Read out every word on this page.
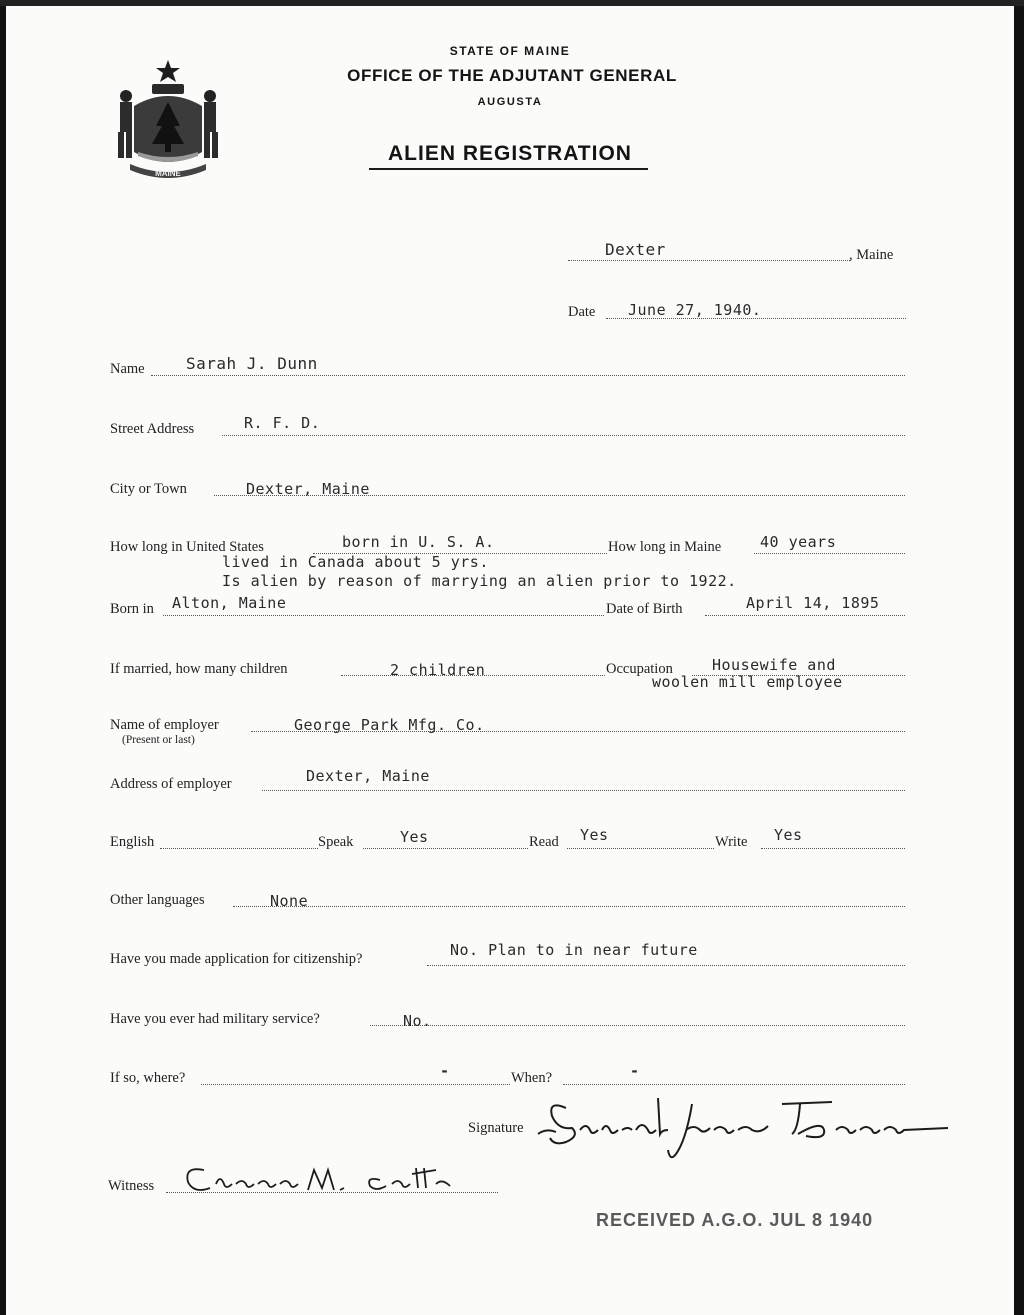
MAINE
STATE OF MAINE
OFFICE OF THE ADJUTANT GENERAL
AUGUSTA
ALIEN REGISTRATION
Dexter	, Maine
Date June 27, 1940.
Name	Sarah J. Dunn
Street Address	R. F. D.
City or Town	Dexter, Maine
How long in United States	born in U. S. A.	How long in Maine	40 years
lived in Canada about 5 yrs.
Is alien by reason of marrying an alien prior to 1922.
Born in Alton, Maine	Date of Birth	April 14, 1895
If married, how many children	2 children	Occupation	Housewife and
woolen mill employee
Name of employer
(Present or last)
George Park Mfg. Co.
Address of employer	Dexter, Maine
English	Speak	Yes	Read Yes	Write Yes
Other languages	None
Have you made application for citizenship?	No. Plan to in near future
Have you ever had military service?	No.
If so, where?	-	When?	-
Signature
Sarah Jane Dunn
Witness
Eleanor M. Smith
RECEIVED A.G.O. JUL 8 1940
